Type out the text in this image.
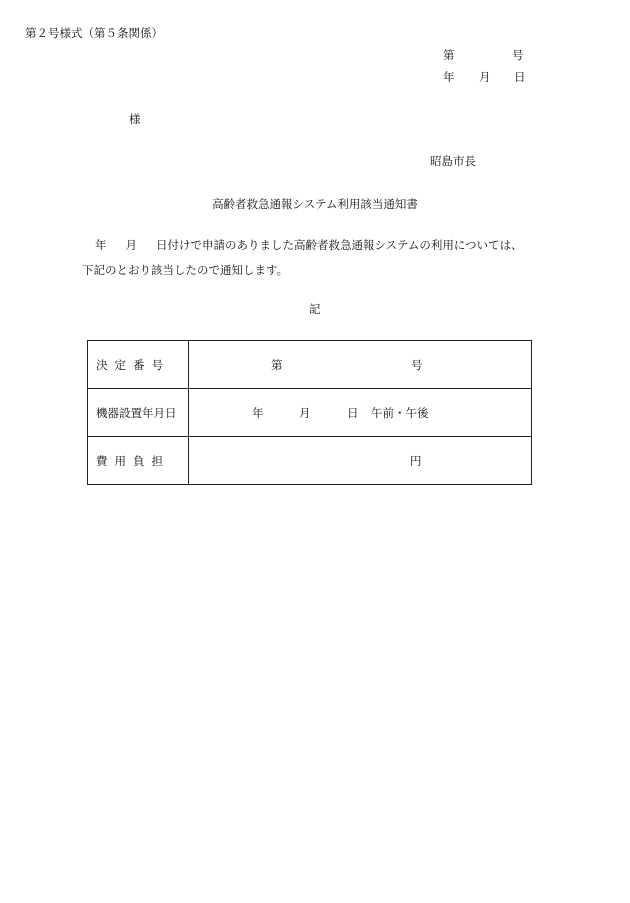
第２号様式（第５条関係）
第	号
年 月 日
様
昭島市長
高齢者救急通報システム利用該当通知書

年 月 日付けで申請のありました高齢者救急通報システムの利用については、

下記のとおり該当したので通知します。

記
決定番号	第 号

機器設置年月日	年 月 日 午前・午後

費用負担	円
